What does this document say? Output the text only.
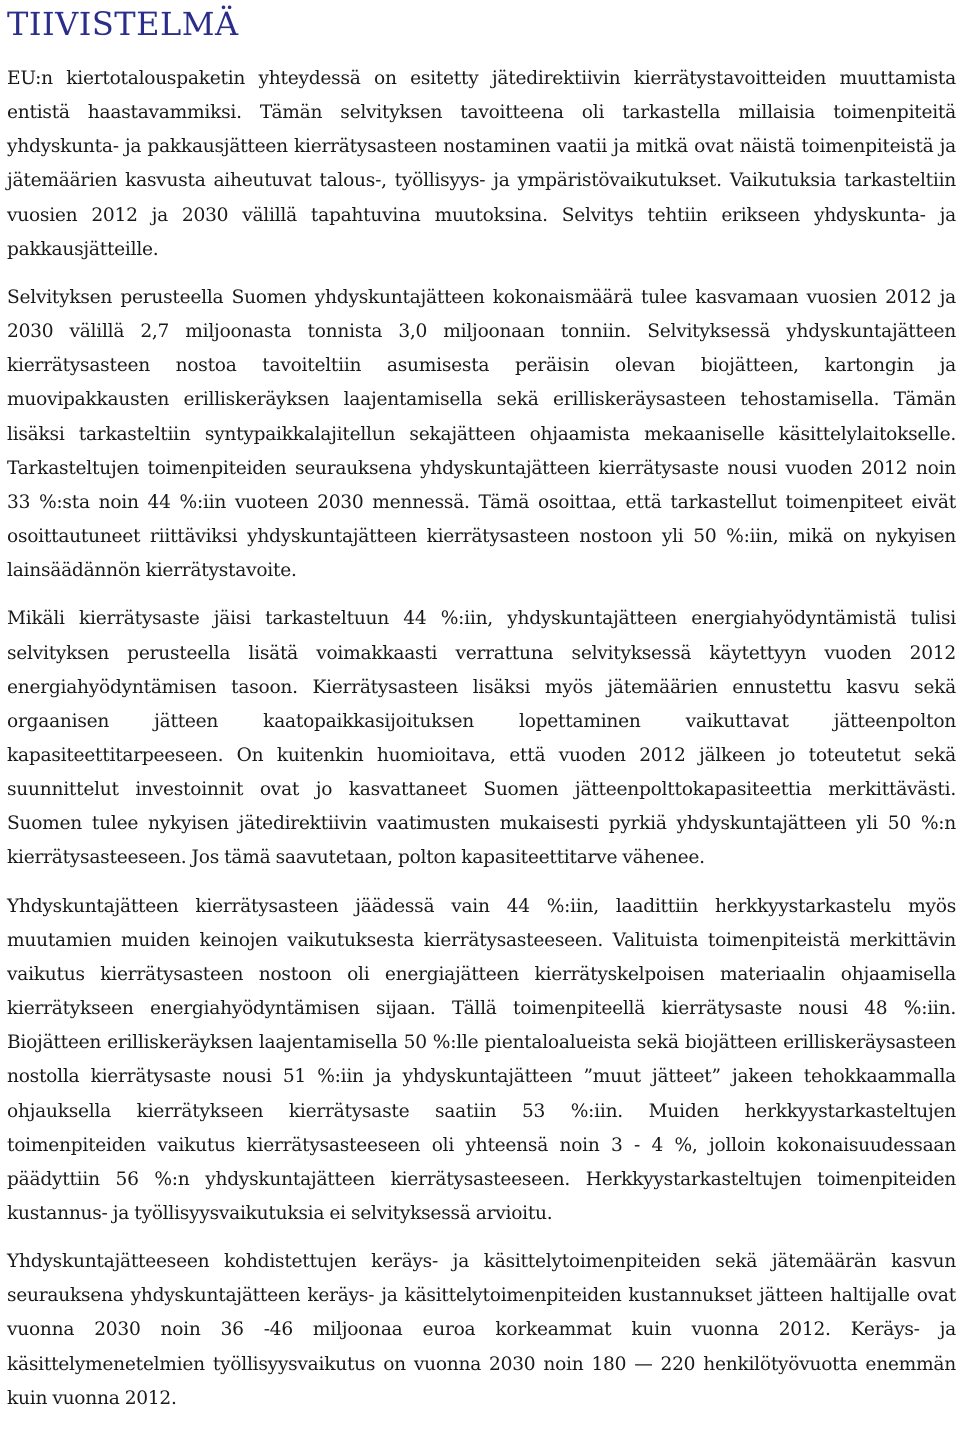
TIIVISTELMÄ

EU:n kiertotalouspaketin yhteydessä on esitetty jätedirektiivin kierrätystavoitteiden muuttamista entistä haastavammiksi. Tämän selvityksen tavoitteena oli tarkastella millaisia toimenpiteitä yhdyskunta- ja pakkausjätteen kierrätysasteen nostaminen vaatii ja mitkä ovat näistä toimenpiteistä ja jätemäärien kasvusta aiheutuvat talous-, työllisyys- ja ympäristövaikutukset. Vaikutuksia tarkasteltiin vuosien 2012 ja 2030 välillä tapahtuvina muutoksina. Selvitys tehtiin erikseen yhdyskunta- ja pakkausjätteille.

Selvityksen perusteella Suomen yhdyskuntajätteen kokonaismäärä tulee kasvamaan vuosien 2012 ja 2030 välillä 2,7 miljoonasta tonnista 3,0 miljoonaan tonniin. Selvityksessä yhdyskuntajätteen kierrätysasteen nostoa tavoiteltiin asumisesta peräisin olevan biojätteen, kartongin ja muovipakkausten erilliskeräyksen laajentamisella sekä erilliskeräysasteen tehostamisella. Tämän lisäksi tarkasteltiin syntypaikkalajitellun sekajätteen ohjaamista mekaaniselle käsittelylaitokselle. Tarkasteltujen toimenpiteiden seurauksena yhdyskuntajätteen kierrätysaste nousi vuoden 2012 noin 33 %:sta noin 44 %:iin vuoteen 2030 mennessä. Tämä osoittaa, että tarkastellut toimenpiteet eivät osoittautuneet riittäviksi yhdyskuntajätteen kierrätysasteen nostoon yli 50 %:iin, mikä on nykyisen lainsäädännön kierrätystavoite.

Mikäli kierrätysaste jäisi tarkasteltuun 44 %:iin, yhdyskuntajätteen energiahyödyntämistä tulisi selvityksen perusteella lisätä voimakkaasti verrattuna selvityksessä käytettyyn vuoden 2012 energiahyödyntämisen tasoon. Kierrätysasteen lisäksi myös jätemäärien ennustettu kasvu sekä orgaanisen jätteen kaatopaikkasijoituksen lopettaminen vaikuttavat jätteenpolton kapasiteettitarpeeseen. On kuitenkin huomioitava, että vuoden 2012 jälkeen jo toteutetut sekä suunnittelut investoinnit ovat jo kasvattaneet Suomen jätteenpolttokapasiteettia merkittävästi. Suomen tulee nykyisen jätedirektiivin vaatimusten mukaisesti pyrkiä yhdyskuntajätteen yli 50 %:n kierrätysasteeseen. Jos tämä saavutetaan, polton kapasiteettitarve vähenee.

Yhdyskuntajätteen kierrätysasteen jäädessä vain 44 %:iin, laadittiin herkkyystarkastelu myös muutamien muiden keinojen vaikutuksesta kierrätysasteeseen. Valituista toimenpiteistä merkittävin vaikutus kierrätysasteen nostoon oli energiajätteen kierrätyskelpoisen materiaalin ohjaamisella kierrätykseen energiahyödyntämisen sijaan. Tällä toimenpiteellä kierrätysaste nousi 48 %:iin. Biojätteen erilliskeräyksen laajentamisella 50 %:lle pientaloalueista sekä biojätteen erilliskeräysasteen nostolla kierrätysaste nousi 51 %:iin ja yhdyskuntajätteen ”muut jätteet” jakeen tehokkaammalla ohjauksella kierrätykseen kierrätysaste saatiin 53 %:iin. Muiden herkkyystarkasteltujen toimenpiteiden vaikutus kierrätysasteeseen oli yhteensä noin 3 - 4 %, jolloin kokonaisuudessaan päädyttiin 56 %:n yhdyskuntajätteen kierrätysasteeseen. Herkkyystarkasteltujen toimenpiteiden kustannus- ja työllisyysvaikutuksia ei selvityksessä arvioitu.

Yhdyskuntajätteeseen kohdistettujen keräys- ja käsittelytoimenpiteiden sekä jätemäärän kasvun seurauksena yhdyskuntajätteen keräys- ja käsittelytoimenpiteiden kustannukset jätteen haltijalle ovat vuonna 2030 noin 36 -46 miljoonaa euroa korkeammat kuin vuonna 2012. Keräys- ja käsittelymenetelmien työllisyysvaikutus on vuonna 2030 noin 180 — 220 henkilötyövuotta enemmän kuin vuonna 2012.
